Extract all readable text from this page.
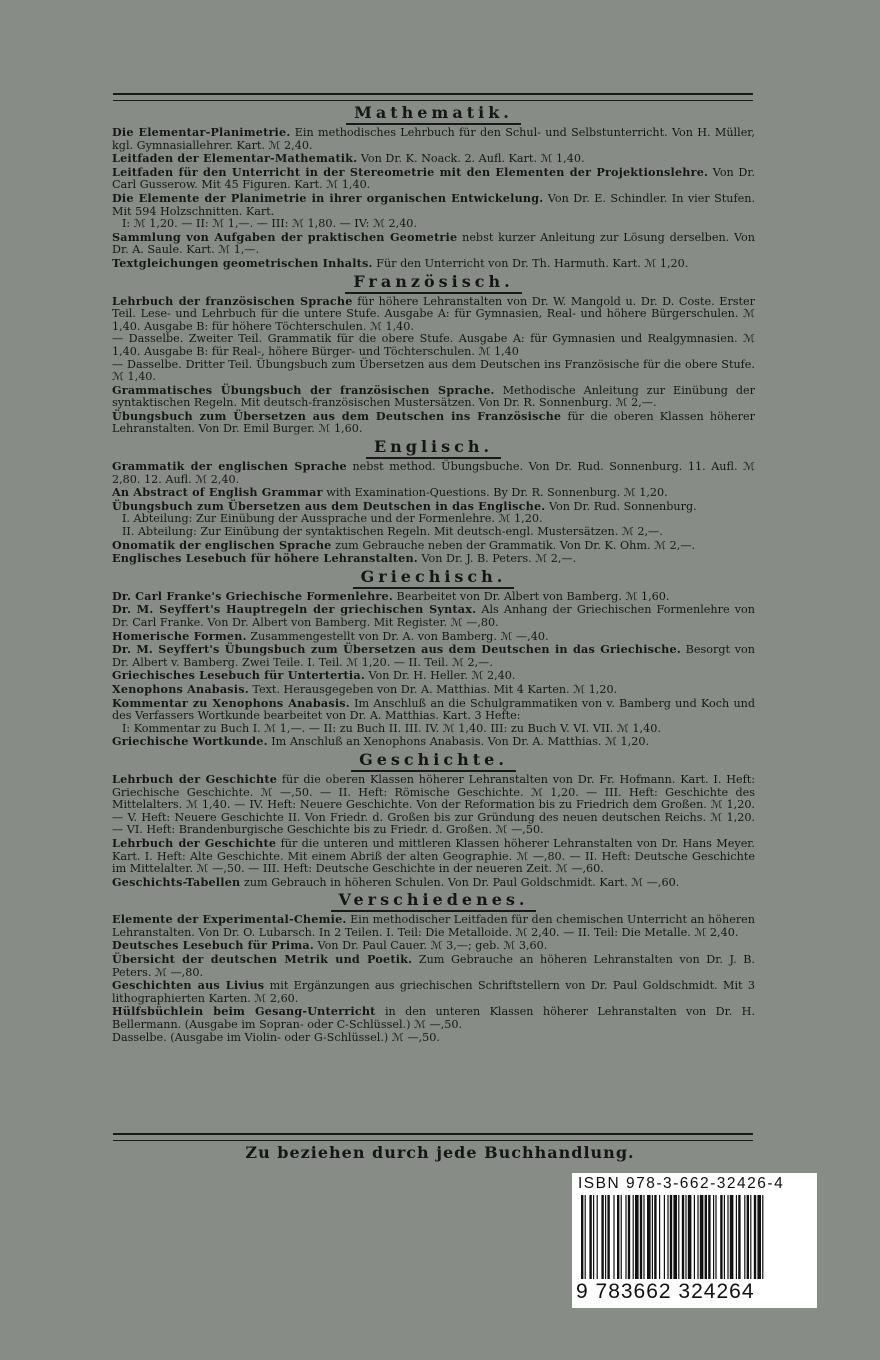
Mathematik.

Die Elementar-Planimetrie. Ein methodisches Lehrbuch für den Schul- und Selbstunterricht. Von H. Müller, kgl. Gymnasiallehrer. Kart. ℳ 2,40.

Leitfaden der Elementar-Mathematik. Von Dr. K. Noack. 2. Aufl. Kart. ℳ 1,40.

Leitfaden für den Unterricht in der Stereometrie mit den Elementen der Projektionslehre. Von Dr. Carl Gusserow. Mit 45 Figuren. Kart. ℳ 1,40.

Die Elemente der Planimetrie in ihrer organischen Entwickelung. Von Dr. E. Schindler. In vier Stufen. Mit 594 Holzschnitten. Kart.
I: ℳ 1,20. — II: ℳ 1,—. — III: ℳ 1,80. — IV: ℳ 2,40.

Sammlung von Aufgaben der praktischen Geometrie nebst kurzer Anleitung zur Lösung derselben. Von Dr. A. Saule. Kart. ℳ 1,—.

Textgleichungen geometrischen Inhalts. Für den Unterricht von Dr. Th. Harmuth. Kart. ℳ 1,20.

Französisch.

Lehrbuch der französischen Sprache für höhere Lehranstalten von Dr. W. Mangold u. Dr. D. Coste. Erster Teil. Lese- und Lehrbuch für die untere Stufe. Ausgabe A: für Gymnasien, Real- und höhere Bürgerschulen. ℳ 1,40. Ausgabe B: für höhere Töchterschulen. ℳ 1,40.

— Dasselbe. Zweiter Teil. Grammatik für die obere Stufe. Ausgabe A: für Gymnasien und Realgymnasien. ℳ 1,40. Ausgabe B: für Real-, höhere Bürger- und Töchterschulen. ℳ 1,40

— Dasselbe. Dritter Teil. Übungsbuch zum Übersetzen aus dem Deutschen ins Französische für die obere Stufe. ℳ 1,40.

Grammatisches Übungsbuch der französischen Sprache. Methodische Anleitung zur Einübung der syntaktischen Regeln. Mit deutsch-französischen Mustersätzen. Von Dr. R. Sonnenburg. ℳ 2,—.

Übungsbuch zum Übersetzen aus dem Deutschen ins Französische für die oberen Klassen höherer Lehranstalten. Von Dr. Emil Burger. ℳ 1,60.

Englisch.

Grammatik der englischen Sprache nebst method. Übungsbuche. Von Dr. Rud. Sonnenburg. 11. Aufl. ℳ 2,80. 12. Aufl. ℳ 2,40.

An Abstract of English Grammar with Examination-Questions. By Dr. R. Sonnenburg. ℳ 1,20.

Übungsbuch zum Übersetzen aus dem Deutschen in das Englische. Von Dr. Rud. Sonnenburg.
I. Abteilung: Zur Einübung der Aussprache und der Formenlehre. ℳ 1,20.
II. Abteilung: Zur Einübung der syntaktischen Regeln. Mit deutsch-engl. Mustersätzen. ℳ 2,—.

Onomatik der englischen Sprache zum Gebrauche neben der Grammatik. Von Dr. K. Ohm. ℳ 2,—.

Englisches Lesebuch für höhere Lehranstalten. Von Dr. J. B. Peters. ℳ 2,—.

Griechisch.

Dr. Carl Franke's Griechische Formenlehre. Bearbeitet von Dr. Albert von Bamberg. ℳ 1,60.

Dr. M. Seyffert's Hauptregeln der griechischen Syntax. Als Anhang der Griechischen Formenlehre von Dr. Carl Franke. Von Dr. Albert von Bamberg. Mit Register. ℳ —,80.

Homerische Formen. Zusammengestellt von Dr. A. von Bamberg. ℳ —,40.

Dr. M. Seyffert's Übungsbuch zum Übersetzen aus dem Deutschen in das Griechische. Besorgt von Dr. Albert v. Bamberg. Zwei Teile. I. Teil. ℳ 1,20. — II. Teil. ℳ 2,—.

Griechisches Lesebuch für Untertertia. Von Dr. H. Heller. ℳ 2,40.

Xenophons Anabasis. Text. Herausgegeben von Dr. A. Matthias. Mit 4 Karten. ℳ 1,20.

Kommentar zu Xenophons Anabasis. Im Anschluß an die Schulgrammatiken von v. Bamberg und Koch und des Verfassers Wortkunde bearbeitet von Dr. A. Matthias. Kart. 3 Hefte:
I: Kommentar zu Buch I. ℳ 1,—. — II: zu Buch II. III. IV. ℳ 1,40. III: zu Buch V. VI. VII. ℳ 1,40.

Griechische Wortkunde. Im Anschluß an Xenophons Anabasis. Von Dr. A. Matthias. ℳ 1,20.

Geschichte.

Lehrbuch der Geschichte für die oberen Klassen höherer Lehranstalten von Dr. Fr. Hofmann. Kart. I. Heft: Griechische Geschichte. ℳ —,50. — II. Heft: Römische Geschichte. ℳ 1,20. — III. Heft: Geschichte des Mittelalters. ℳ 1,40. — IV. Heft: Neuere Geschichte. Von der Reformation bis zu Friedrich dem Großen. ℳ 1,20. — V. Heft: Neuere Geschichte II. Von Friedr. d. Großen bis zur Gründung des neuen deutschen Reichs. ℳ 1,20. — VI. Heft: Brandenburgische Geschichte bis zu Friedr. d. Großen. ℳ —,50.

Lehrbuch der Geschichte für die unteren und mittleren Klassen höherer Lehranstalten von Dr. Hans Meyer. Kart. I. Heft: Alte Geschichte. Mit einem Abriß der alten Geographie. ℳ —,80. — II. Heft: Deutsche Geschichte im Mittelalter. ℳ —,50. — III. Heft: Deutsche Geschichte in der neueren Zeit. ℳ —,60.

Geschichts-Tabellen zum Gebrauch in höheren Schulen. Von Dr. Paul Goldschmidt. Kart. ℳ —,60.

Verschiedenes.

Elemente der Experimental-Chemie. Ein methodischer Leitfaden für den chemischen Unterricht an höheren Lehranstalten. Von Dr. O. Lubarsch. In 2 Teilen. I. Teil: Die Metalloide. ℳ 2,40. — II. Teil: Die Metalle. ℳ 2,40.

Deutsches Lesebuch für Prima. Von Dr. Paul Cauer. ℳ 3,—; geb. ℳ 3,60.

Übersicht der deutschen Metrik und Poetik. Zum Gebrauche an höheren Lehranstalten von Dr. J. B. Peters. ℳ —,80.

Geschichten aus Livius mit Ergänzungen aus griechischen Schriftstellern von Dr. Paul Goldschmidt. Mit 3 lithographierten Karten. ℳ 2,60.

Hülfsbüchlein beim Gesang-Unterricht in den unteren Klassen höherer Lehranstalten von Dr. H. Bellermann. (Ausgabe im Sopran- oder C-Schlüssel.) ℳ —,50.

Dasselbe. (Ausgabe im Violin- oder G-Schlüssel.) ℳ —,50.

Zu beziehen durch jede Buchhandlung.
ISBN 978-3-662-32426-4
9 783662 324264
